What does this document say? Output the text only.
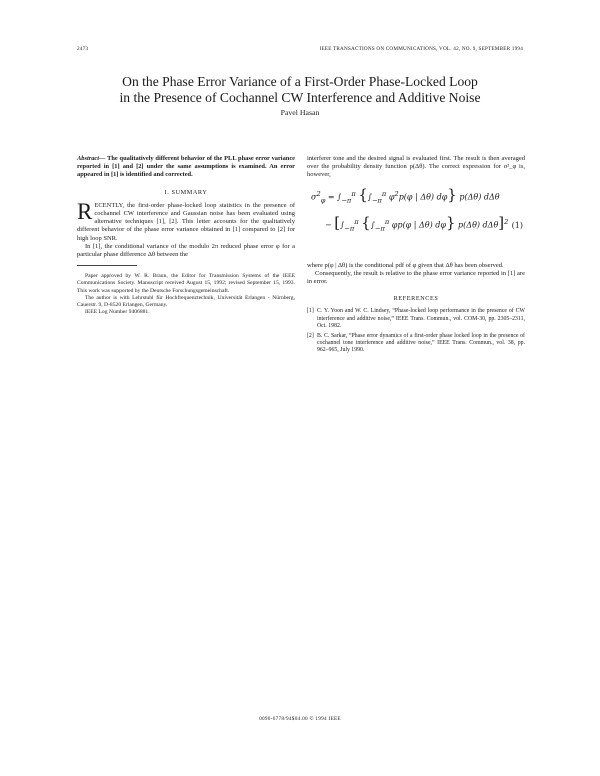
2473	IEEE TRANSACTIONS ON COMMUNICATIONS, VOL. 42, NO. 9, SEPTEMBER 1994
On the Phase Error Variance of a First-Order Phase-Locked Loop
in the Presence of Cochannel CW Interference and Additive Noise
Pavel Hasan

Abstract— The qualitatively different behavior of the PLL phase error variance reported in [1] and [2] under the same assumptions is examined. An error appeared in [1] is identified and corrected.

I. SUMMARY

RECENTLY, the first-order phase-locked loop statistics in the presence of cochannel CW interference and Gaussian noise has been evaluated using alternative techniques [1], [2]. This letter accounts for the qualitatively different behavior of the phase error variance obtained in [1] compared to [2] for high loop SNR.

In [1], the conditional variance of the modulo 2π reduced phase error φ for a particular phase difference Δθ between the

Paper approved by W. R. Braun, the Editor for Transmission Systems of the IEEE Communications Society. Manuscript received August 15, 1992; revised September 15, 1993. This work was supported by the Deutsche Forschungsgemeinschaft.

The author is with Lehrstuhl für Hochfrequenztechnik, Universität Erlangen - Nürnberg, Cauerstr. 9, D-8520 Erlangen, Germany.

IEEE Log Number 9406881.

interferer tone and the desired signal is evaluated first. The result is then averaged over the probability density function p(Δθ). The correct expression for σ²_φ is, however,

$\sigma^2_\varphi = \int_{-\pi}^\pi$ {$\int_{-\pi}^\pi$ $\varphi^2p(\varphi$ | Δθ) dφ} p(Δθ) dΔθ
− [$\int_{-\pi}^\pi$ {$\int_{-\pi}^\pi$ φp(φ | Δθ) dφ} p(Δθ) dΔθ]$^2$ (1)

where p(φ | Δθ) is the conditional pdf of φ given that Δθ has been observed.

Consequently, the result is relative to the phase error variance reported in [1] are in error.

REFERENCES
[1] C. Y. Yoon and W. C. Lindsey, “Phase-locked loop performance in the presence of CW interference and additive noise,” IEEE Trans. Commun., vol. COM-30, pp. 2305–2311, Oct. 1982.
[2] B. C. Sarkar, “Phase error dynamics of a first-order phase locked loop in the presence of cochannel tone interference and additive noise,” IEEE Trans. Commun., vol. 38, pp. 962–965, July 1990.
0090-6778/94$04.00 © 1994 IEEE
